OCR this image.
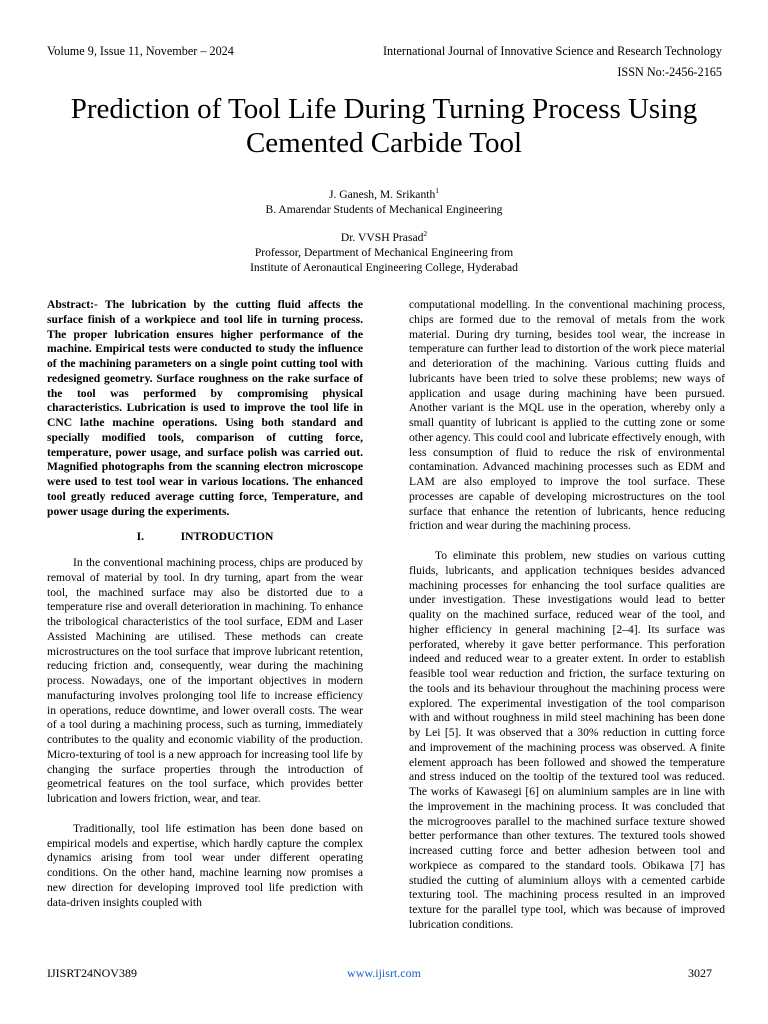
Volume 9, Issue 11, November – 2024	International Journal of Innovative Science and Research Technology
ISSN No:-2456-2165
Prediction of Tool Life During Turning Process Using Cemented Carbide Tool
J. Ganesh, M. Srikanth$^1$
B. Amarendar Students of Mechanical Engineering
Dr. VVSH Prasad$^2$
Professor, Department of Mechanical Engineering from
Institute of Aeronautical Engineering College, Hyderabad

Abstract:- The lubrication by the cutting fluid affects the surface finish of a workpiece and tool life in turning process. The proper lubrication ensures higher performance of the machine. Empirical tests were conducted to study the influence of the machining parameters on a single point cutting tool with redesigned geometry. Surface roughness on the rake surface of the tool was performed by compromising physical characteristics. Lubrication is used to improve the tool life in CNC lathe machine operations. Using both standard and specially modified tools, comparison of cutting force, temperature, power usage, and surface polish was carried out. Magnified photographs from the scanning electron microscope were used to test tool wear in various locations. The enhanced tool greatly reduced average cutting force, Temperature, and power usage during the experiments.

I.	INTRODUCTION

In the conventional machining process, chips are produced by removal of material by tool. In dry turning, apart from the wear tool, the machined surface may also be distorted due to a temperature rise and overall deterioration in machining. To enhance the tribological characteristics of the tool surface, EDM and Laser Assisted Machining are utilised. These methods can create microstructures on the tool surface that improve lubricant retention, reducing friction and, consequently, wear during the machining process. Nowadays, one of the important objectives in modern manufacturing involves prolonging tool life to increase efficiency in operations, reduce downtime, and lower overall costs. The wear of a tool during a machining process, such as turning, immediately contributes to the quality and economic viability of the production. Micro-texturing of tool is a new approach for increasing tool life by changing the surface properties through the introduction of geometrical features on the tool surface, which provides better lubrication and lowers friction, wear, and tear.

Traditionally, tool life estimation has been done based on empirical models and expertise, which hardly capture the complex dynamics arising from tool wear under different operating conditions. On the other hand, machine learning now promises a new direction for developing improved tool life prediction with data-driven insights coupled with

computational modelling. In the conventional machining process, chips are formed due to the removal of metals from the work material. During dry turning, besides tool wear, the increase in temperature can further lead to distortion of the work piece material and deterioration of the machining. Various cutting fluids and lubricants have been tried to solve these problems; new ways of application and usage during machining have been pursued. Another variant is the MQL use in the operation, whereby only a small quantity of lubricant is applied to the cutting zone or some other agency. This could cool and lubricate effectively enough, with less consumption of fluid to reduce the risk of environmental contamination. Advanced machining processes such as EDM and LAM are also employed to improve the tool surface. These processes are capable of developing microstructures on the tool surface that enhance the retention of lubricants, hence reducing friction and wear during the machining process.

To eliminate this problem, new studies on various cutting fluids, lubricants, and application techniques besides advanced machining processes for enhancing the tool surface qualities are under investigation. These investigations would lead to better quality on the machined surface, reduced wear of the tool, and higher efficiency in general machining [2–4]. Its surface was perforated, whereby it gave better performance. This perforation indeed and reduced wear to a greater extent. In order to establish feasible tool wear reduction and friction, the surface texturing on the tools and its behaviour throughout the machining process were explored. The experimental investigation of the tool comparison with and without roughness in mild steel machining has been done by Lei [5]. It was observed that a 30% reduction in cutting force and improvement of the machining process was observed. A finite element approach has been followed and showed the temperature and stress induced on the tooltip of the textured tool was reduced. The works of Kawasegi [6] on aluminium samples are in line with the improvement in the machining process. It was concluded that the microgrooves parallel to the machined surface texture showed better performance than other textures. The textured tools showed increased cutting force and better adhesion between tool and workpiece as compared to the standard tools. Obikawa [7] has studied the cutting of aluminium alloys with a cemented carbide texturing tool. The machining process resulted in an improved texture for the parallel type tool, which was because of improved lubrication conditions.

IJISRT24NOV389	www.ijisrt.com	3027
